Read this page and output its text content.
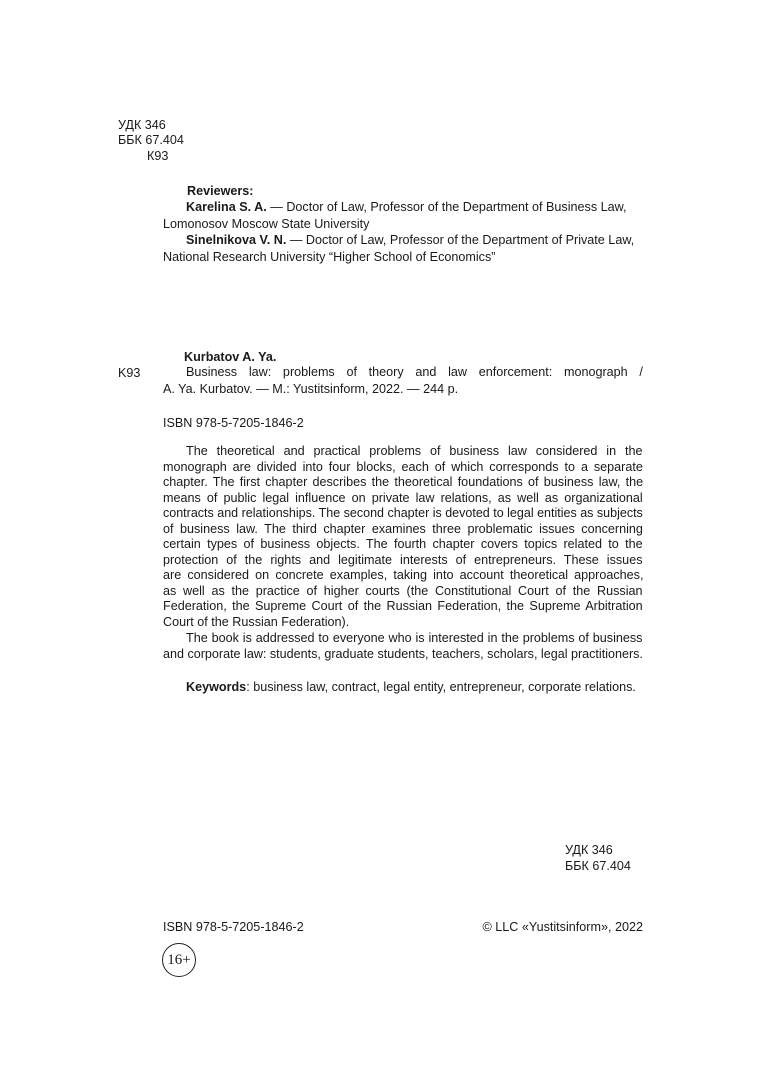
УДК 346
ББК 67.404
К93
Reviewers:
Karelina S. A. — Doctor of Law, Professor of the Department of Business Law,
Lomonosov Moscow State University
Sinelnikova V. N. — Doctor of Law, Professor of the Department of Private Law,
National Research University “Higher School of Economics”
Kurbatov A. Ya.
K93	Business law: problems of theory and law enforcement: monograph /
A. Ya. Kurbatov. — M.: Yustitsinform, 2022. — 244 p.
ISBN 978-5-7205-1846-2
The theoretical and practical problems of business law considered in the
monograph are divided into four blocks, each of which corresponds to a separate
chapter. The first chapter describes the theoretical foundations of business law, the
means of public legal influence on private law relations, as well as organizational
contracts and relationships. The second chapter is devoted to legal entities as subjects
of business law. The third chapter examines three problematic issues concerning
certain types of business objects. The fourth chapter covers topics related to the
protection of the rights and legitimate interests of entrepreneurs. These issues
are considered on concrete examples, taking into account theoretical approaches,
as well as the practice of higher courts (the Constitutional Court of the Russian
Federation, the Supreme Court of the Russian Federation, the Supreme Arbitration
Court of the Russian Federation).
The book is addressed to everyone who is interested in the problems of business
and corporate law: students, graduate students, teachers, scholars, legal practitioners.
Keywords: business law, contract, legal entity, entrepreneur, corporate relations.
УДК 346
ББК 67.404
ISBN 978-5-7205-1846-2	© LLC «Yustitsinform», 2022
16+
